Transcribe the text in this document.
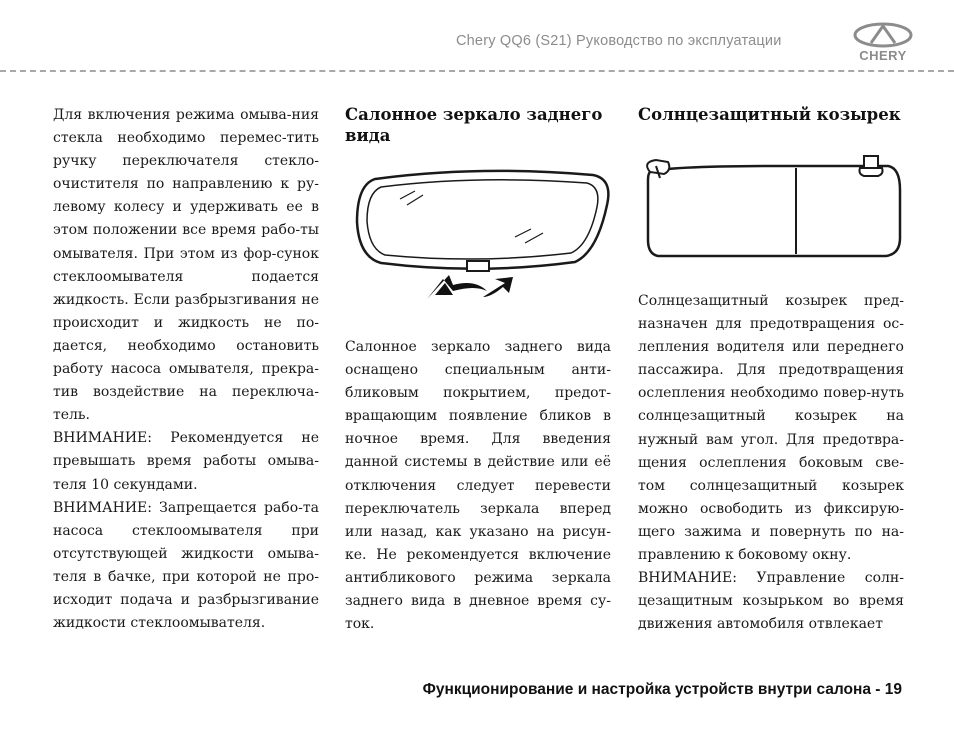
Chery QQ6 (S21) Руководство по эксплуатации
CHERY

Для включения режима омыва-ния стекла необходимо перемес-тить ручку переключателя стекло-очистителя по направлению к ру-левому колесу и удерживать ее в этом положении все время рабо-ты омывателя. При этом из фор-сунок стеклоомывателя подается жидкость. Если разбрызгивания не происходит и жидкость не по-дается, необходимо остановить работу насоса омывателя, прекра-тив воздействие на переключа-тель.

ВНИМАНИЕ: Рекомендуется не превышать время работы омыва-теля 10 секундами.

ВНИМАНИЕ: Запрещается рабо-та насоса стеклоомывателя при отсутствующей жидкости омыва-теля в бачке, при которой не про-исходит подача и разбрызгивание жидкости стеклоомывателя.

Салонное зеркало заднего вида

Салонное зеркало заднего вида оснащено специальным анти-бликовым покрытием, предот-вращающим появление бликов в ночное время. Для введения данной системы в действие или её отключения следует перевести переключатель зеркала вперед или назад, как указано на рисун-ке. Не рекомендуется включение антибликового режима зеркала заднего вида в дневное время су-ток.

Солнцезащитный козырек

Солнцезащитный козырек пред-назначен для предотвращения ос-лепления водителя или переднего пассажира. Для предотвращения ослепления необходимо повер-нуть солнцезащитный козырек на нужный вам угол. Для предотвра-щения ослепления боковым све-том солнцезащитный козырек можно освободить из фиксирую-щего зажима и повернуть по на-правлению к боковому окну.

ВНИМАНИЕ: Управление солн-цезащитным козырьком во время движения автомобиля отвлекает

Функционирование и настройка устройств внутри салона - 19
